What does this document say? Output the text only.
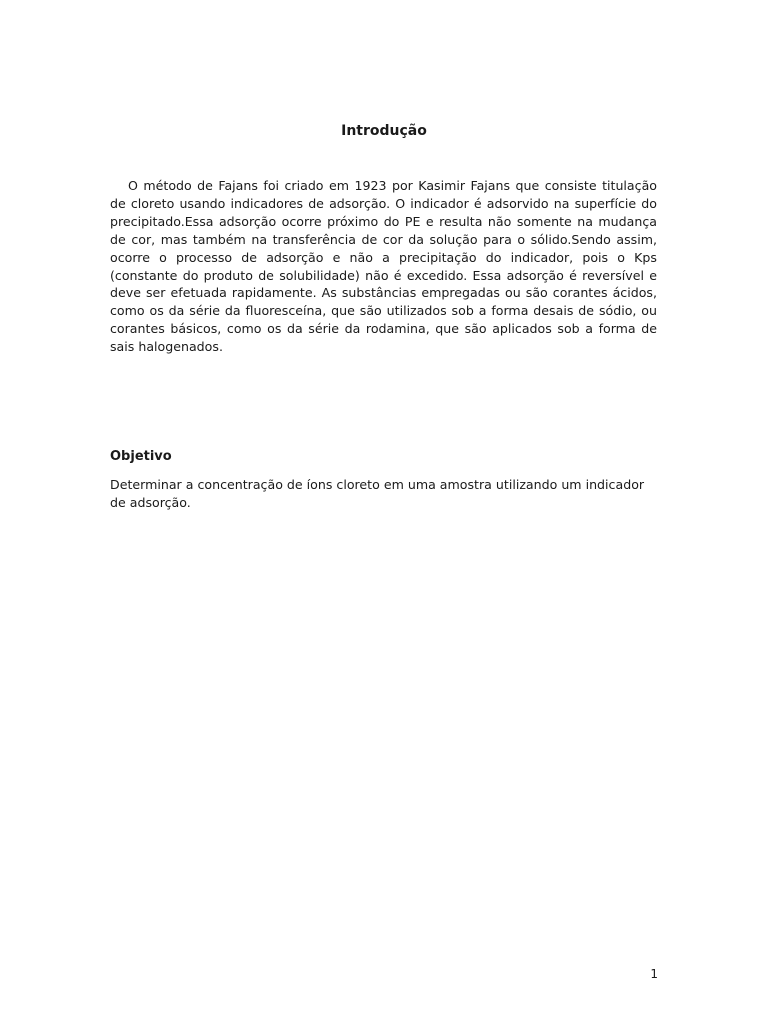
Introdução

O método de Fajans foi criado em 1923 por Kasimir Fajans que consiste titulação de cloreto usando indicadores de adsorção. O indicador é adsorvido na superfície do precipitado.Essa adsorção ocorre próximo do PE e resulta não somente na mudança de cor, mas também na transferência de cor da solução para o sólido.Sendo assim, ocorre o processo de adsorção e não a precipitação do indicador, pois o Kps (constante do produto de solubilidade) não é excedido. Essa adsorção é reversível e deve ser efetuada rapidamente. As substâncias empregadas ou são corantes ácidos, como os da série da fluoresceína, que são utilizados sob a forma desais de sódio, ou corantes básicos, como os da série da rodamina, que são aplicados sob a forma de sais halogenados.

Objetivo

Determinar a concentração de íons cloreto em uma amostra utilizando um indicador de adsorção.

1
